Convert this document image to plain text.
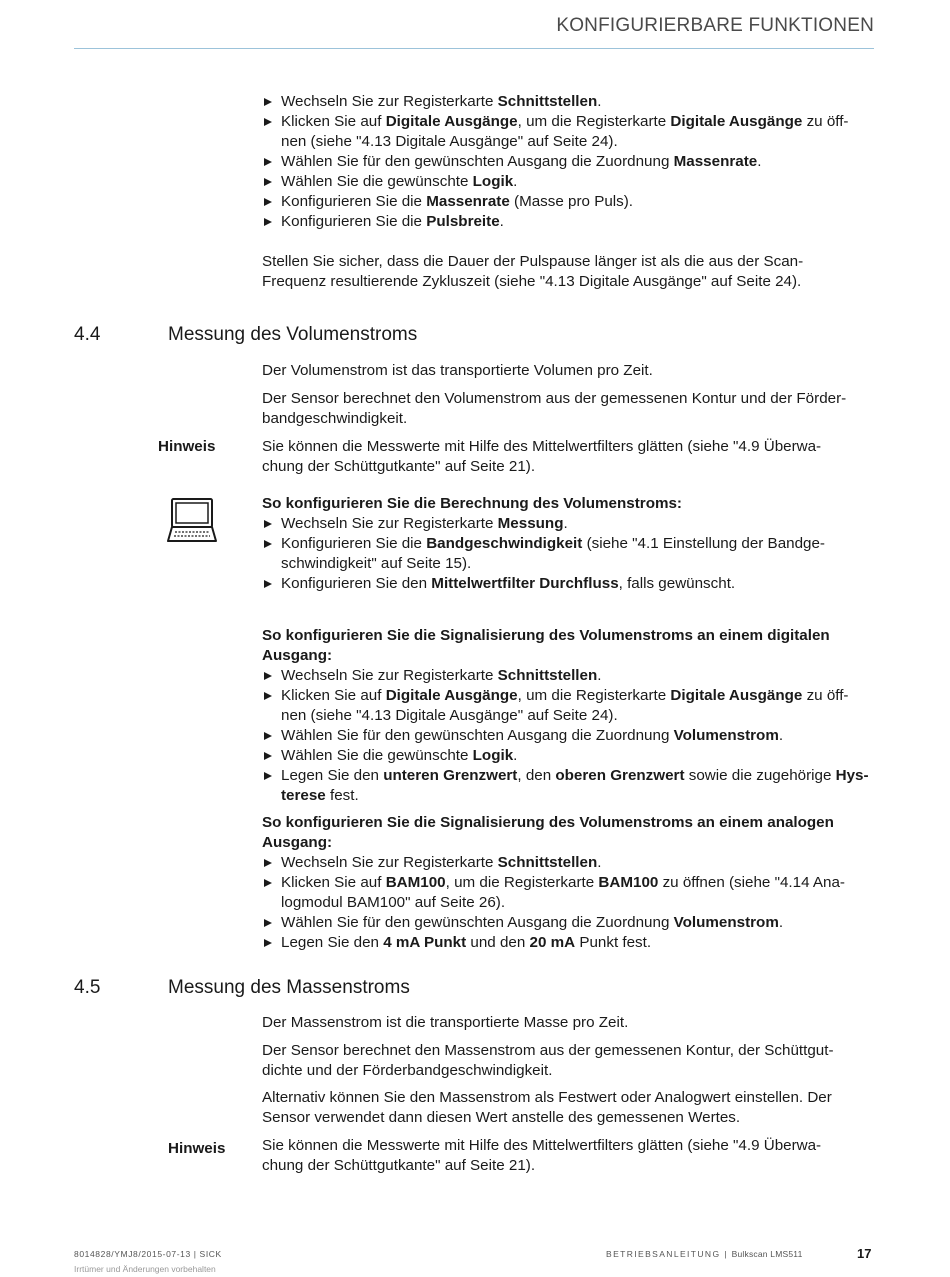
KONFIGURIERBARE FUNKTIONEN
Wechseln Sie zur Registerkarte Schnittstellen.
Klicken Sie auf Digitale Ausgänge, um die Registerkarte Digitale Ausgänge zu öff-
nen (siehe "4.13 Digitale Ausgänge" auf Seite 24).
Wählen Sie für den gewünschten Ausgang die Zuordnung Massenrate.
Wählen Sie die gewünschte Logik.
Konfigurieren Sie die Massenrate (Masse pro Puls).
Konfigurieren Sie die Pulsbreite.

Stellen Sie sicher, dass die Dauer der Pulspause länger ist als die aus der Scan-
Frequenz resultierende Zykluszeit (siehe "4.13 Digitale Ausgänge" auf Seite 24).

4.4	Messung des Volumenstroms
Der Volumenstrom ist das transportierte Volumen pro Zeit.
Der Sensor berechnet den Volumenstrom aus der gemessenen Kontur und der Förder-
bandgeschwindigkeit.
Hinweis	Sie können die Messwerte mit Hilfe des Mittelwertfilters glätten (siehe "4.9 Überwa-
chung der Schüttgutkante" auf Seite 21).

So konfigurieren Sie die Berechnung des Volumenstroms:

Wechseln Sie zur Registerkarte Messung.
Konfigurieren Sie die Bandgeschwindigkeit (siehe "4.1 Einstellung der Bandge-
schwindigkeit" auf Seite 15).
Konfigurieren Sie den Mittelwertfilter Durchfluss, falls gewünscht.

So konfigurieren Sie die Signalisierung des Volumenstroms an einem digitalen
Ausgang:

Wechseln Sie zur Registerkarte Schnittstellen.
Klicken Sie auf Digitale Ausgänge, um die Registerkarte Digitale Ausgänge zu öff-
nen (siehe "4.13 Digitale Ausgänge" auf Seite 24).
Wählen Sie für den gewünschten Ausgang die Zuordnung Volumenstrom.
Wählen Sie die gewünschte Logik.
Legen Sie den unteren Grenzwert, den oberen Grenzwert sowie die zugehörige Hys-
terese fest.

So konfigurieren Sie die Signalisierung des Volumenstroms an einem analogen
Ausgang:

Wechseln Sie zur Registerkarte Schnittstellen.
Klicken Sie auf BAM100, um die Registerkarte BAM100 zu öffnen (siehe "4.14 Ana-
logmodul BAM100" auf Seite 26).
Wählen Sie für den gewünschten Ausgang die Zuordnung Volumenstrom.
Legen Sie den 4 mA Punkt und den 20 mA Punkt fest.
4.5	Messung des Massenstroms
Der Massenstrom ist die transportierte Masse pro Zeit.
Der Sensor berechnet den Massenstrom aus der gemessenen Kontur, der Schüttgut-
dichte und der Förderbandgeschwindigkeit.
Alternativ können Sie den Massenstrom als Festwert oder Analogwert einstellen. Der
Sensor verwendet dann diesen Wert anstelle des gemessenen Wertes.
Hinweis Sie können die Messwerte mit Hilfe des Mittelwertfilters glätten (siehe "4.9 Überwa-
chung der Schüttgutkante" auf Seite 21).
8014828/YMJ8/2015-07-13 | SICK
Irrtümer und Änderungen vorbehalten
BETRIEBSANLEITUNG | Bulkscan LMS511	17
